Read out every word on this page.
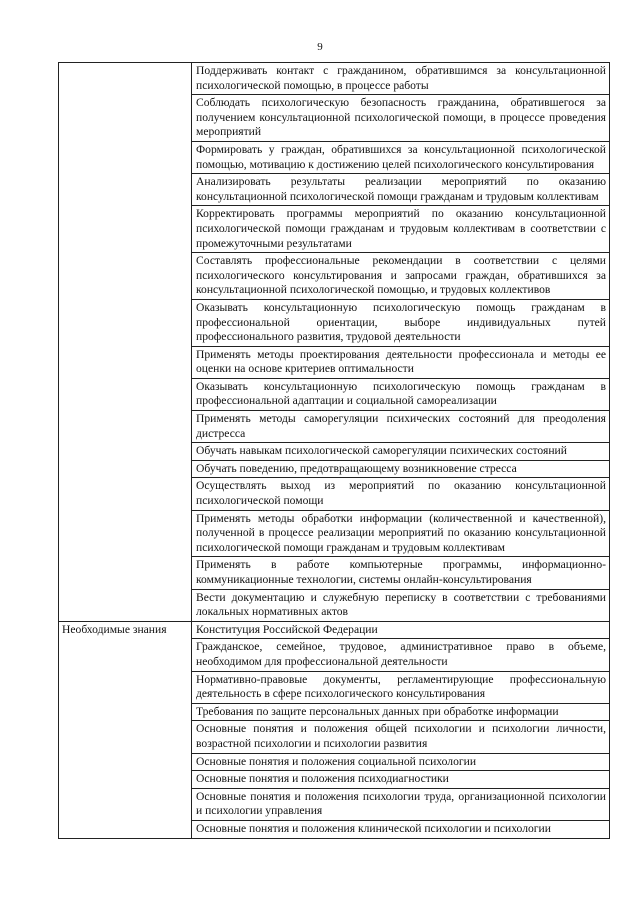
9
	Поддерживать контакт с гражданином, обратившимся за консультационной психологической помощью, в процессе работы
	Соблюдать психологическую безопасность гражданина, обратившегося за получением консультационной психологической помощи, в процессе проведения мероприятий
	Формировать у граждан, обратившихся за консультационной психологической помощью, мотивацию к достижению целей психологического консультирования
	Анализировать результаты реализации мероприятий по оказанию консультационной психологической помощи гражданам и трудовым коллективам
	Корректировать программы мероприятий по оказанию консультационной психологической помощи гражданам и трудовым коллективам в соответствии с промежуточными результатами
	Составлять профессиональные рекомендации в соответствии с целями психологического консультирования и запросами граждан, обратившихся за консультационной психологической помощью, и трудовых коллективов
	Оказывать консультационную психологическую помощь гражданам в профессиональной ориентации, выборе индивидуальных путей профессионального развития, трудовой деятельности
	Применять методы проектирования деятельности профессионала и методы ее оценки на основе критериев оптимальности
	Оказывать консультационную психологическую помощь гражданам в профессиональной адаптации и социальной самореализации
	Применять методы саморегуляции психических состояний для преодоления дистресса
	Обучать навыкам психологической саморегуляции психических состояний
	Обучать поведению, предотвращающему возникновение стресса
	Осуществлять выход из мероприятий по оказанию консультационной психологической помощи
	Применять методы обработки информации (количественной и качественной), полученной в процессе реализации мероприятий по оказанию консультационной психологической помощи гражданам и трудовым коллективам
	Применять в работе компьютерные программы, информационно-коммуникационные технологии, системы онлайн-консультирования
	Вести документацию и служебную переписку в соответствии с требованиями локальных нормативных актов
Необходимые знания	Конституция Российской Федерации
	Гражданское, семейное, трудовое, административное право в объеме, необходимом для профессиональной деятельности
	Нормативно-правовые документы, регламентирующие профессиональную деятельность в сфере психологического консультирования
	Требования по защите персональных данных при обработке информации
	Основные понятия и положения общей психологии и психологии личности, возрастной психологии и психологии развития
	Основные понятия и положения социальной психологии
	Основные понятия и положения психодиагностики
	Основные понятия и положения психологии труда, организационной психологии и психологии управления
	Основные понятия и положения клинической психологии и психологии
